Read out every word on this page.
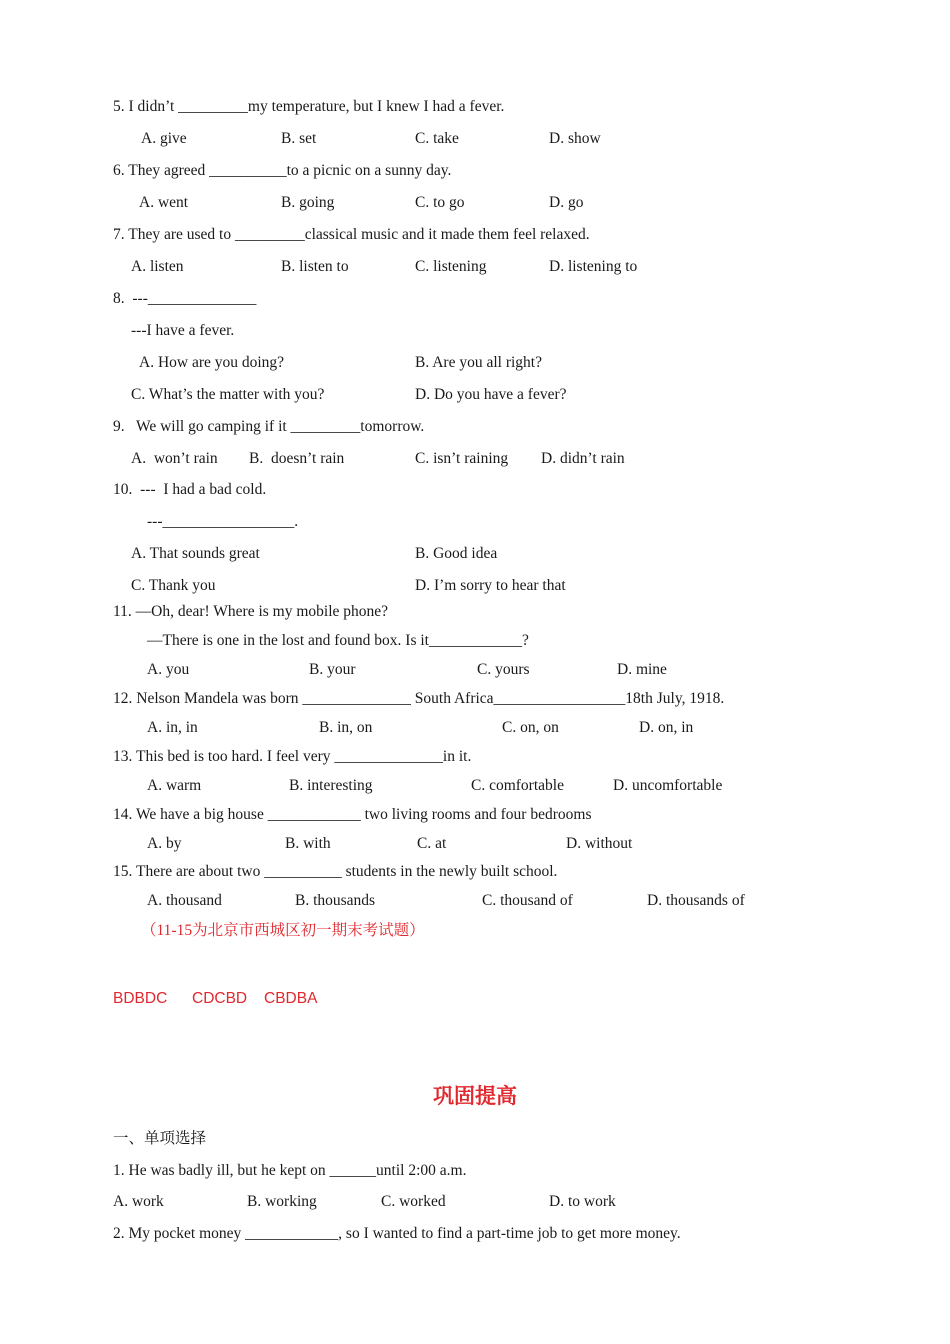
5. I didn’t _________my temperature, but I knew I had a fever.
A. give	B. set	C. take	D. show
6. They agreed __________to a picnic on a sunny day.
A. went	B. going	C. to go	D. go
7. They are used to _________classical music and it made them feel relaxed.
A. listen	B. listen to	C. listening	D. listening to
8.  ---______________
---I have a fever.
A. How are you doing?	B. Are you all right?
C. What’s the matter with you?	D. Do you have a fever?
9.   We will go camping if it _________tomorrow.
A.  won’t rain B.  doesn’t rain	C. isn’t raining D. didn’t rain
10.  ---  I had a bad cold.
---_________________.
A. That sounds great	B. Good idea
C. Thank you	D. I’m sorry to hear that
11. —Oh, dear! Where is my mobile phone?
—There is one in the lost and found box. Is it____________?
A. you	B. your	C. yours	D. mine
12. Nelson Mandela was born ______________ South Africa_________________18th July, 1918.
A. in, in	B. in, on	C. on, on	D. on, in
13. This bed is too hard. I feel very ______________in it.
A. warm	B. interesting	C. comfortable	D. uncomfortable
14. We have a big house ____________ two living rooms and four bedrooms
A. by	B. with	C. at	D. without
15. There are about two __________ students in the newly built school.
A. thousand	B. thousands	C. thousand of	D. thousands of
（11-15为北京市西城区初一期末考试题）
BDBDC CDCBD CBDBA
巩固提高
一、单项选择
1. He was badly ill, but he kept on ______until 2:00 a.m.
A. work	B. working	C. worked	D. to work
2. My pocket money ____________, so I wanted to find a part-time job to get more money.
